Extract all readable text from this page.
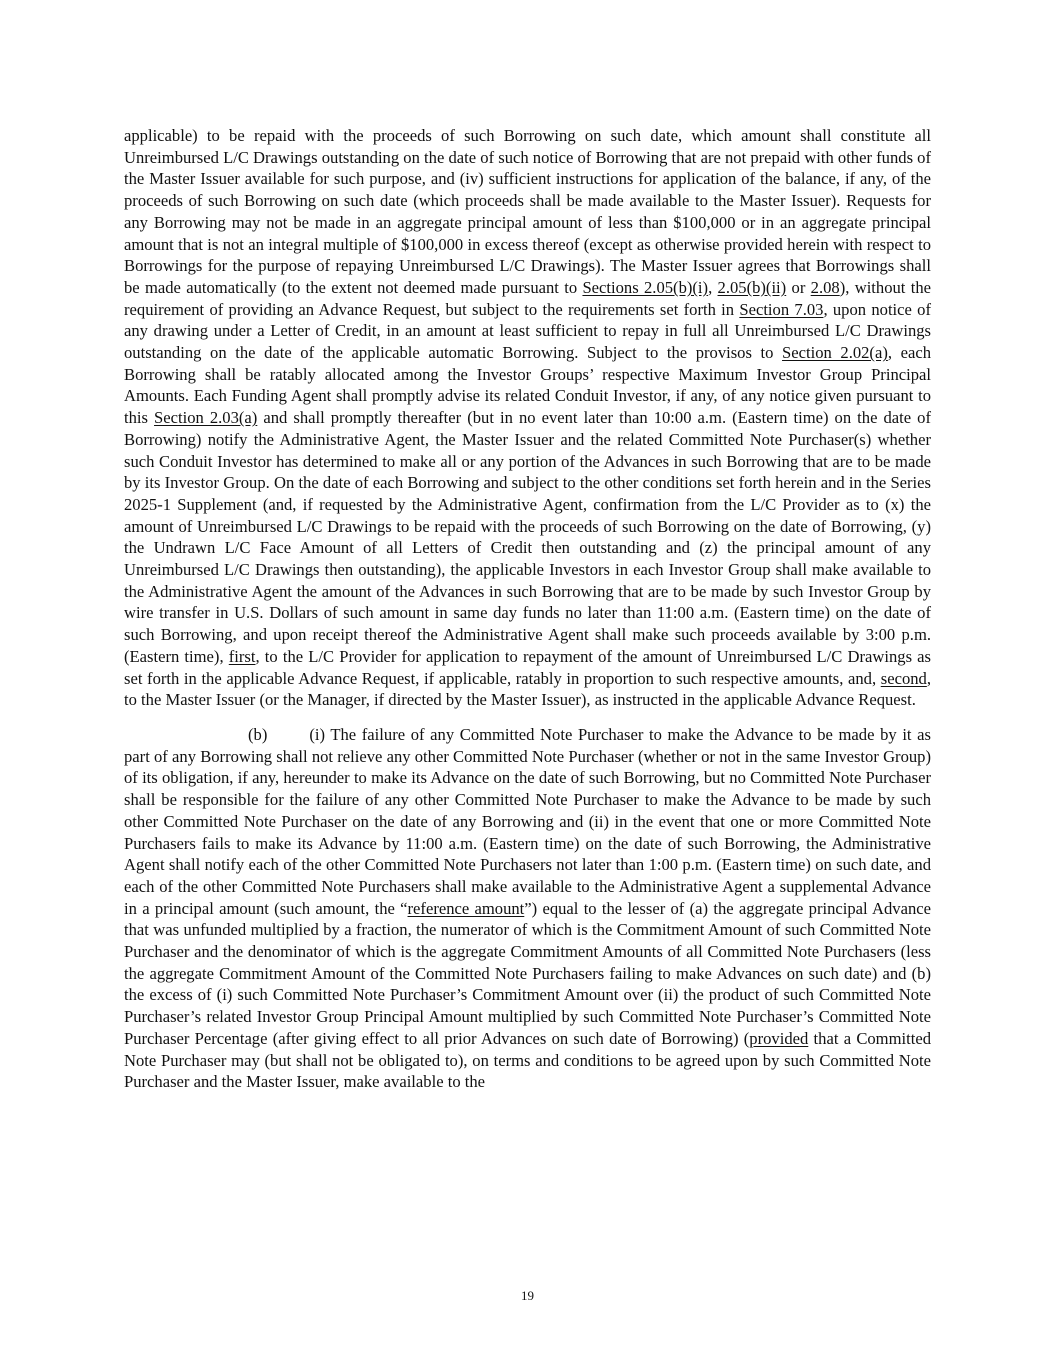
applicable) to be repaid with the proceeds of such Borrowing on such date, which amount shall constitute all Unreimbursed L/C Drawings outstanding on the date of such notice of Borrowing that are not prepaid with other funds of the Master Issuer available for such purpose, and (iv) sufficient instructions for application of the balance, if any, of the proceeds of such Borrowing on such date (which proceeds shall be made available to the Master Issuer). Requests for any Borrowing may not be made in an aggregate principal amount of less than $100,000 or in an aggregate principal amount that is not an integral multiple of $100,000 in excess thereof (except as otherwise provided herein with respect to Borrowings for the purpose of repaying Unreimbursed L/C Drawings). The Master Issuer agrees that Borrowings shall be made automatically (to the extent not deemed made pursuant to Sections 2.05(b)(i), 2.05(b)(ii) or 2.08), without the requirement of providing an Advance Request, but subject to the requirements set forth in Section 7.03, upon notice of any drawing under a Letter of Credit, in an amount at least sufficient to repay in full all Unreimbursed L/C Drawings outstanding on the date of the applicable automatic Borrowing. Subject to the provisos to Section 2.02(a), each Borrowing shall be ratably allocated among the Investor Groups’ respective Maximum Investor Group Principal Amounts. Each Funding Agent shall promptly advise its related Conduit Investor, if any, of any notice given pursuant to this Section 2.03(a) and shall promptly thereafter (but in no event later than 10:00 a.m. (Eastern time) on the date of Borrowing) notify the Administrative Agent, the Master Issuer and the related Committed Note Purchaser(s) whether such Conduit Investor has determined to make all or any portion of the Advances in such Borrowing that are to be made by its Investor Group. On the date of each Borrowing and subject to the other conditions set forth herein and in the Series 2025-1 Supplement (and, if requested by the Administrative Agent, confirmation from the L/C Provider as to (x) the amount of Unreimbursed L/C Drawings to be repaid with the proceeds of such Borrowing on the date of Borrowing, (y) the Undrawn L/C Face Amount of all Letters of Credit then outstanding and (z) the principal amount of any Unreimbursed L/C Drawings then outstanding), the applicable Investors in each Investor Group shall make available to the Administrative Agent the amount of the Advances in such Borrowing that are to be made by such Investor Group by wire transfer in U.S. Dollars of such amount in same day funds no later than 11:00 a.m. (Eastern time) on the date of such Borrowing, and upon receipt thereof the Administrative Agent shall make such proceeds available by 3:00 p.m. (Eastern time), first, to the L/C Provider for application to repayment of the amount of Unreimbursed L/C Drawings as set forth in the applicable Advance Request, if applicable, ratably in proportion to such respective amounts, and, second, to the Master Issuer (or the Manager, if directed by the Master Issuer), as instructed in the applicable Advance Request.

(b)	(i) The failure of any Committed Note Purchaser to make the Advance to be made by it as part of any Borrowing shall not relieve any other Committed Note Purchaser (whether or not in the same Investor Group) of its obligation, if any, hereunder to make its Advance on the date of such Borrowing, but no Committed Note Purchaser shall be responsible for the failure of any other Committed Note Purchaser to make the Advance to be made by such other Committed Note Purchaser on the date of any Borrowing and (ii) in the event that one or more Committed Note Purchasers fails to make its Advance by 11:00 a.m. (Eastern time) on the date of such Borrowing, the Administrative Agent shall notify each of the other Committed Note Purchasers not later than 1:00 p.m. (Eastern time) on such date, and each of the other Committed Note Purchasers shall make available to the Administrative Agent a supplemental Advance in a principal amount (such amount, the “reference amount”) equal to the lesser of (a) the aggregate principal Advance that was unfunded multiplied by a fraction, the numerator of which is the Commitment Amount of such Committed Note Purchaser and the denominator of which is the aggregate Commitment Amounts of all Committed Note Purchasers (less the aggregate Commitment Amount of the Committed Note Purchasers failing to make Advances on such date) and (b) the excess of (i) such Committed Note Purchaser’s Commitment Amount over (ii) the product of such Committed Note Purchaser’s related Investor Group Principal Amount multiplied by such Committed Note Purchaser’s Committed Note Purchaser Percentage (after giving effect to all prior Advances on such date of Borrowing) (provided that a Committed Note Purchaser may (but shall not be obligated to), on terms and conditions to be agreed upon by such Committed Note Purchaser and the Master Issuer, make available to the

19
